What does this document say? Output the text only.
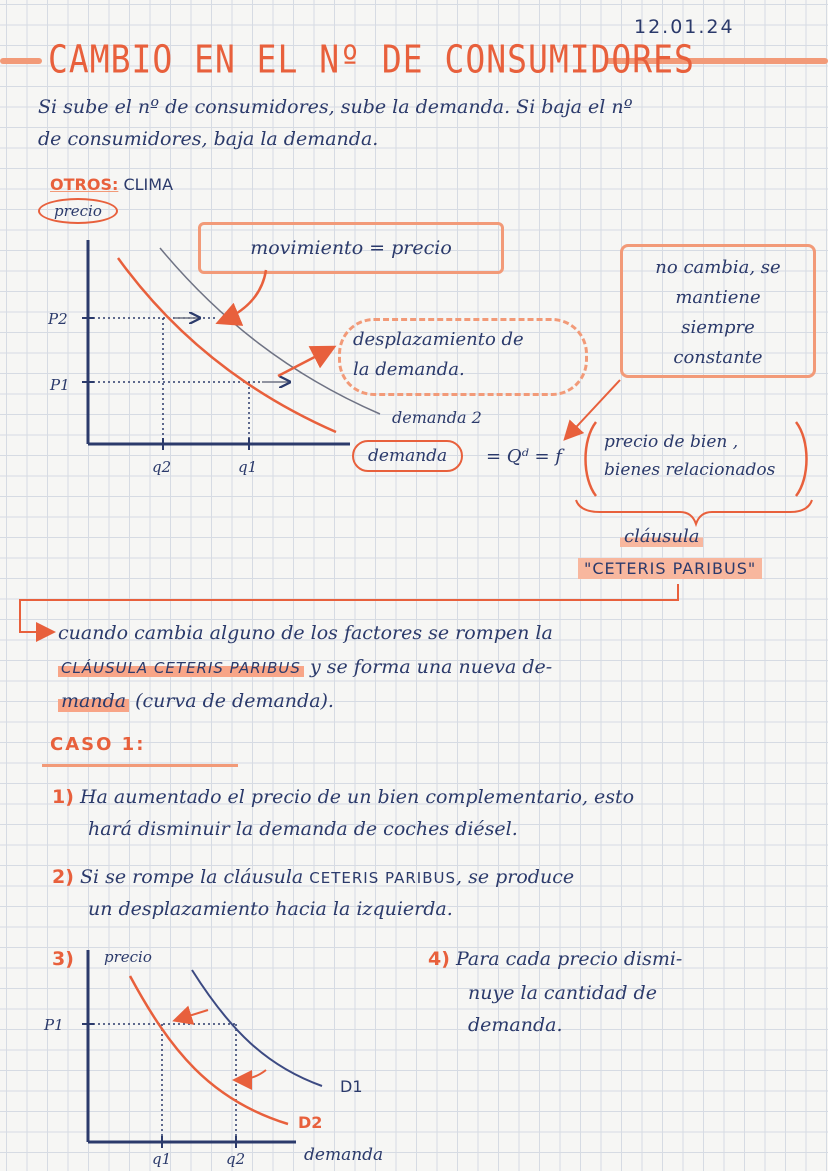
12.01.24
CAMBIO EN EL Nº DE CONSUMIDORES
Si sube el nº de consumidores, sube la demanda. Si baja el nº
de consumidores, baja la demanda.
OTROS: CLIMA
precio
movimiento = precio
desplazamiento de
la demanda.
no cambia, se
mantiene
siempre
constante
demanda 2
demanda	= Qᵈ = f
precio de bien ,
bienes relacionados
cláusula
"CETERIS PARIBUS"
cuando cambia alguno de los factores se rompen la
CLÁUSULA CETERIS PARIBUS y se forma una nueva de-
manda (curva de demanda).
CASO 1:
1) Ha aumentado el precio de un bien complementario, esto
hará disminuir la demanda de coches diésel.
2) Si se rompe la cláusula CETERIS PARIBUS, se produce
un desplazamiento hacia la izquierda.
3)	4) Para cada precio dismi-
nuye la cantidad de
demanda.
P2
P1
q2	q1
precio
P1
q1	q2	demanda
D1
D2
